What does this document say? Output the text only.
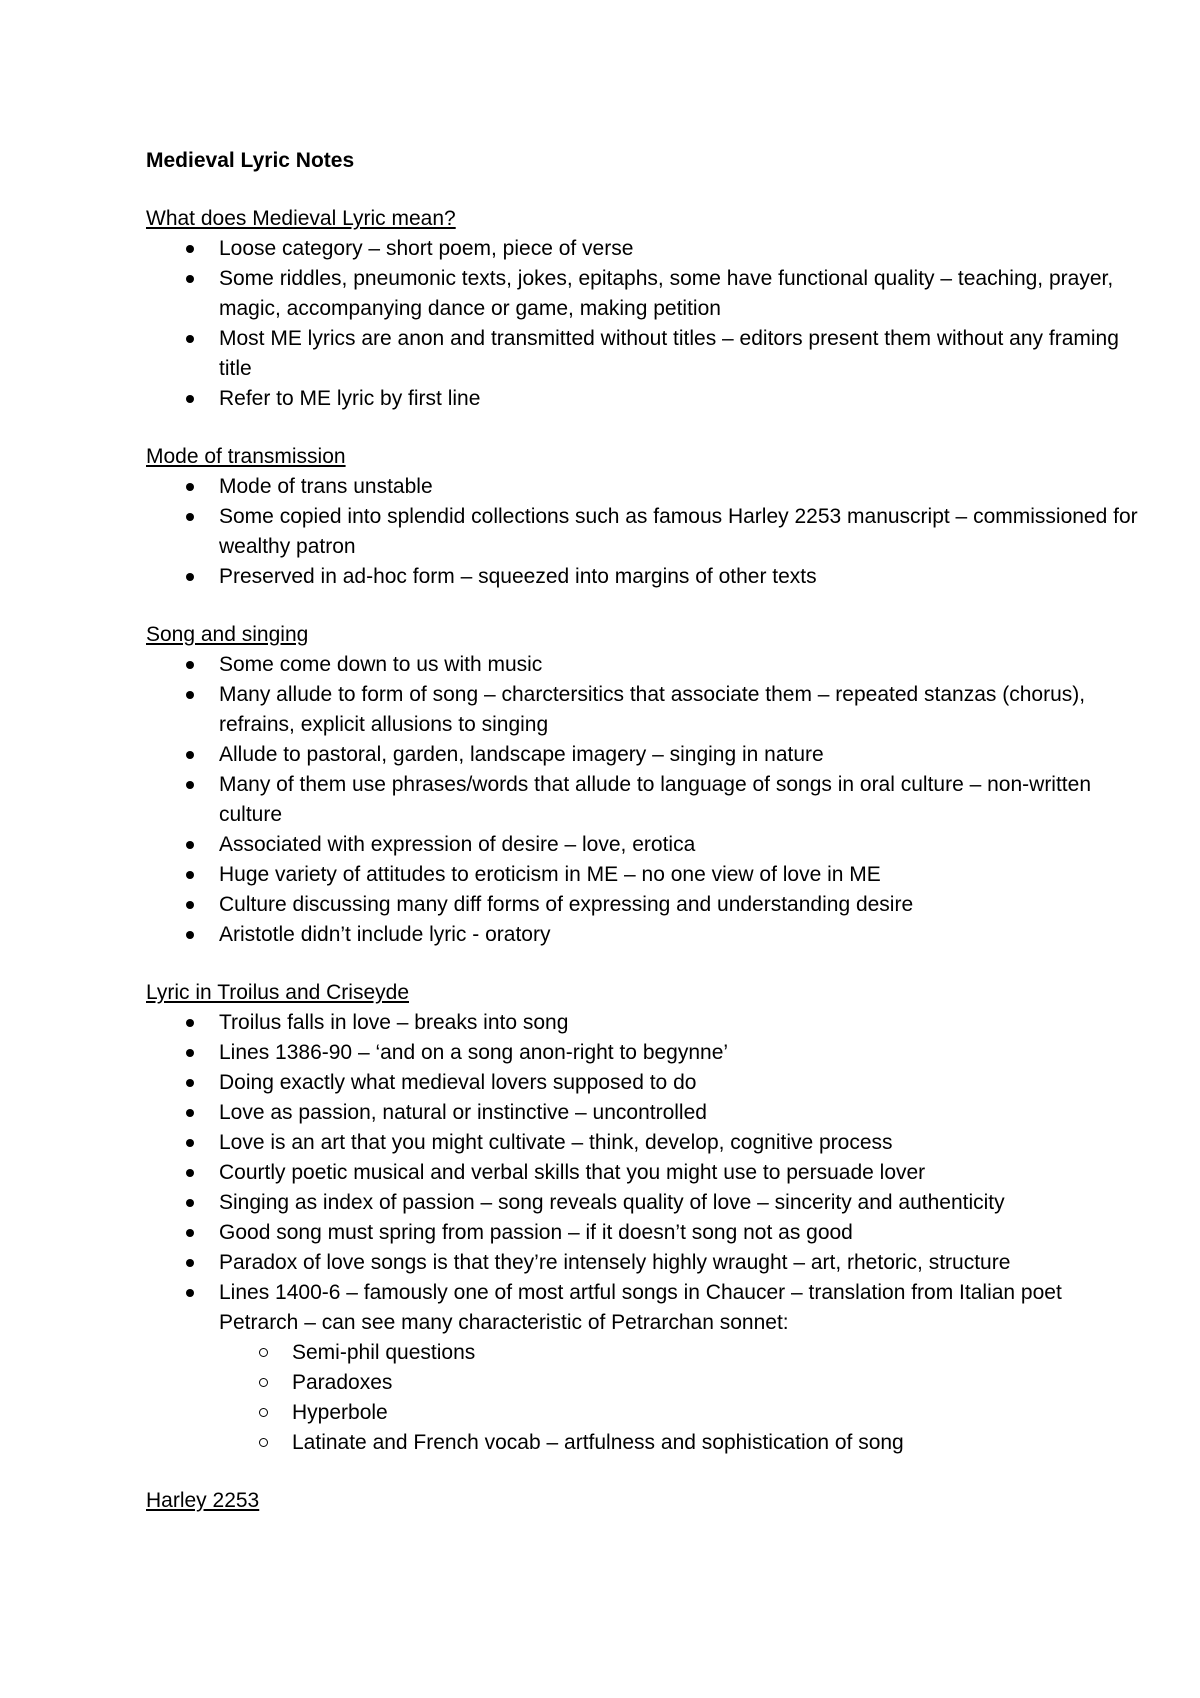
Medieval Lyric Notes
What does Medieval Lyric mean?
Loose category – short poem, piece of verse
Some riddles, pneumonic texts, jokes, epitaphs, some have functional quality – teaching, prayer, magic, accompanying dance or game, making petition
Most ME lyrics are anon and transmitted without titles – editors present them without any framing title
Refer to ME lyric by first line
Mode of transmission
Mode of trans unstable
Some copied into splendid collections such as famous Harley 2253 manuscript – commissioned for wealthy patron
Preserved in ad-hoc form – squeezed into margins of other texts
Song and singing
Some come down to us with music
Many allude to form of song – charctersitics that associate them – repeated stanzas (chorus), refrains, explicit allusions to singing
Allude to pastoral, garden, landscape imagery – singing in nature
Many of them use phrases/words that allude to language of songs in oral culture – non-written culture
Associated with expression of desire – love, erotica
Huge variety of attitudes to eroticism in ME – no one view of love in ME
Culture discussing many diff forms of expressing and understanding desire
Aristotle didn’t include lyric - oratory
Lyric in Troilus and Criseyde
Troilus falls in love – breaks into song
Lines 1386-90 – ‘and on a song anon-right to begynne’
Doing exactly what medieval lovers supposed to do
Love as passion, natural or instinctive – uncontrolled
Love is an art that you might cultivate – think, develop, cognitive process
Courtly poetic musical and verbal skills that you might use to persuade lover
Singing as index of passion – song reveals quality of love – sincerity and authenticity
Good song must spring from passion – if it doesn’t song not as good
Paradox of love songs is that they’re intensely highly wraught – art, rhetoric, structure
Lines 1400-6 – famously one of most artful songs in Chaucer – translation from Italian poet Petrarch – can see many characteristic of Petrarchan sonnet:
Semi-phil questions
Paradoxes
Hyperbole
Latinate and French vocab – artfulness and sophistication of song
Harley 2253
